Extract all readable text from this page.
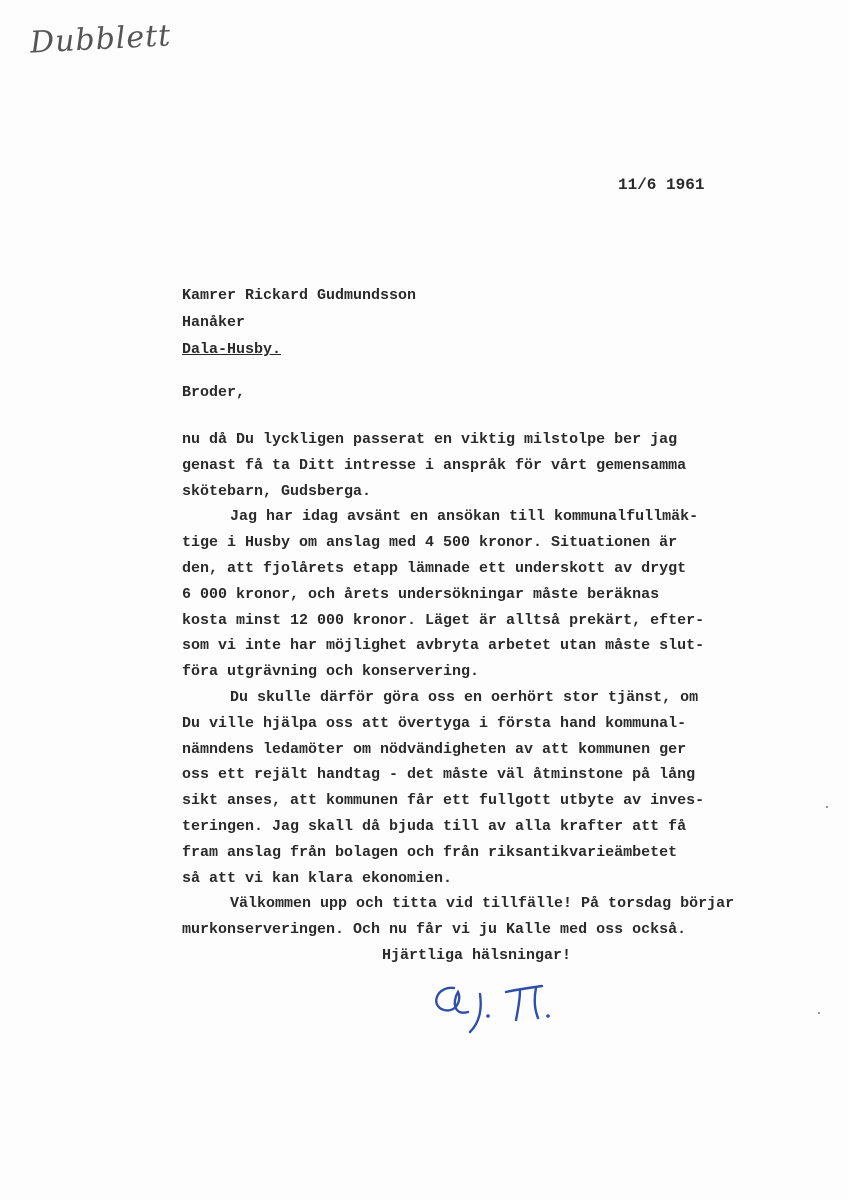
Dubblett
11/6 1961
Kamrer Rickard Gudmundsson
Hanåker
Dala-Husby.
Broder,
nu då Du lyckligen passerat en viktig milstolpe ber jag
genast få ta Ditt intresse i anspråk för vårt gemensamma
skötebarn, Gudsberga.
Jag har idag avsänt en ansökan till kommunalfullmäk-
tige i Husby om anslag med 4 500 kronor. Situationen är
den, att fjolårets etapp lämnade ett underskott av drygt
6 000 kronor, och årets undersökningar måste beräknas
kosta minst 12 000 kronor. Läget är alltså prekärt, efter-
som vi inte har möjlighet avbryta arbetet utan måste slut-
föra utgrävning och konservering.
Du skulle därför göra oss en oerhört stor tjänst, om
Du ville hjälpa oss att övertyga i första hand kommunal-
nämndens ledamöter om nödvändigheten av att kommunen ger
oss ett rejält handtag - det måste väl åtminstone på lång
sikt anses, att kommunen får ett fullgott utbyte av inves-
teringen. Jag skall då bjuda till av alla krafter att få
fram anslag från bolagen och från riksantikvarieämbetet
så att vi kan klara ekonomien.
Välkommen upp och titta vid tillfälle! På torsdag börjar
murkonserveringen. Och nu får vi ju Kalle med oss också.
Hjärtliga hälsningar!
